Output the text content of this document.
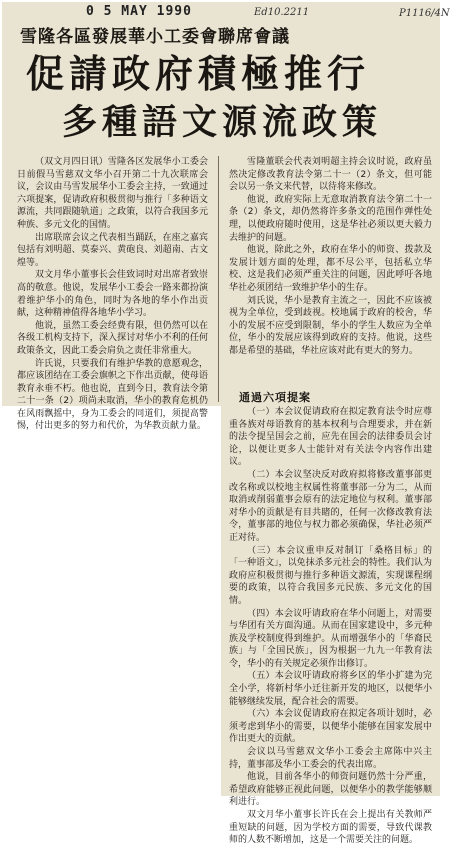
0 5 MAY 1990	Ed10.2211	P1116/4N
雪隆各區發展華小工委會聯席會議
促請政府積極推行
多種語文源流政策

（双文月四日讯）雪隆各区发展华小工委会日前假马雪慈双文华小召开第二十九次联席会议，会议由马雪发展华小工委会主持，一致通过六项提案，促请政府积极贯彻与推行「多种语文源流，共同跟随轨道」之政策，以符合我国多元种族、多元文化的国情。

出席联席会议之代表相当踊跃，在座之嘉宾包括有刘明超、莫泰兴、黄砲良、刘超南、古文煌等。

双文月华小董事长会佳致词时对出席者致崇高的敬意。他说，发展华小工委会一路来都扮演着维护华小的角色，同时为各地的华小作出贡献，这种精神值得各地华小学习。

他说，虽然工委会经费有限，但仍然可以在各级工机构支持下，深入探讨对华小不利的任何政策条文，因此工委会肩负之责任非常重大。

许氏说，只要我们有维护华教的意愿观念，都应该团结在工委会旗帜之下作出贡献，使母语教育永垂不朽。他也说，直到今日，教育法令第二十一条（2）项尚未取消，华小的教育危机仍在风雨飘摇中，身为工委会的同道们，须提高警惕，付出更多的努力和代价，为华教贡献力量。

雪隆董联会代表刘明超主持会议时说，政府虽然决定修改教育法令第二十一（2）条文，但可能会以另一条文来代替，以待将来修改。

他说，政府实际上无意取消教育法令第二十一条（2）条文，却仍然将许多条文的范围作弹性处理，以便政府随时使用，这是华社必须以更大毅力去维护的问题。

他说，除此之外，政府在华小的师资、拨款及发展计划方面的处理，都不尽公平，包括私立华校、这是我们必须严重关注的问题，因此呼吁各地华社必须团结一致维护华小的生存。

刘氏说，华小是教育主流之一，因此不应该被视为全单位，受到歧视。校地属于政府的校舍，华小的发展不应受到限制，华小的学生人数应为全单位，华小的发展应该得到政府的支持。他说，这些都是希望的基础，华社应该对此有更大的努力。

通過六項提案

（一）本会议促请政府在拟定教育法令时应尊重各族对母语教育的基本权利与合理要求，并在新的法令提呈国会之前，应先在国会的法律委员会讨论，以便让更多人士能针对有关法令内容作出建议。

（二）本会议坚决反对政府拟将修改董事部更改名称或以校地主权属性将董事部一分为二，从而取消或削弱董事会原有的法定地位与权利。董事部对华小的贡献是有目共睹的，任何一次修改教育法令，董事部的地位与权力都必须确保，华社必须严正对待。

（三）本会议重申反对制订「桑格目标」的「一种语文」，以免抹杀多元社会的特性。我们认为政府应积极贯彻与推行多种语文源流，实现课程纲要的政策，以符合我国多元民族、多元文化的国情。

（四）本会议吁请政府在华小问题上，对需要与华团有关方面沟通。从而在国家建设中，多元种族及学校制度得到维护。从而增强华小的「华裔民族」与「全国民族」，因为根据一九九一年教育法令，华小的有关规定必须作出修订。

（五）本会议吁请政府将乡区的华小扩建为完全小学，将新村华小迁往新开发的地区，以便华小能够继续发展，配合社会的需要。

（六）本会议促请政府在拟定各项计划时，必须考虑到华小的需要，以便华小能够在国家发展中作出更大的贡献。

会议以马雪慈双文华小工委会主席陈中兴主持，董事部及华小工委会的代表出席。

他说，目前各华小的师资问题仍然十分严重，希望政府能够正视此问题，以便华小的教学能够顺利进行。

双文月华小董事长许氏在会上提出有关教师严重短缺的问题，因为学校方面的需要，导致代课教师的人数不断增加，这是一个需要关注的问题。
